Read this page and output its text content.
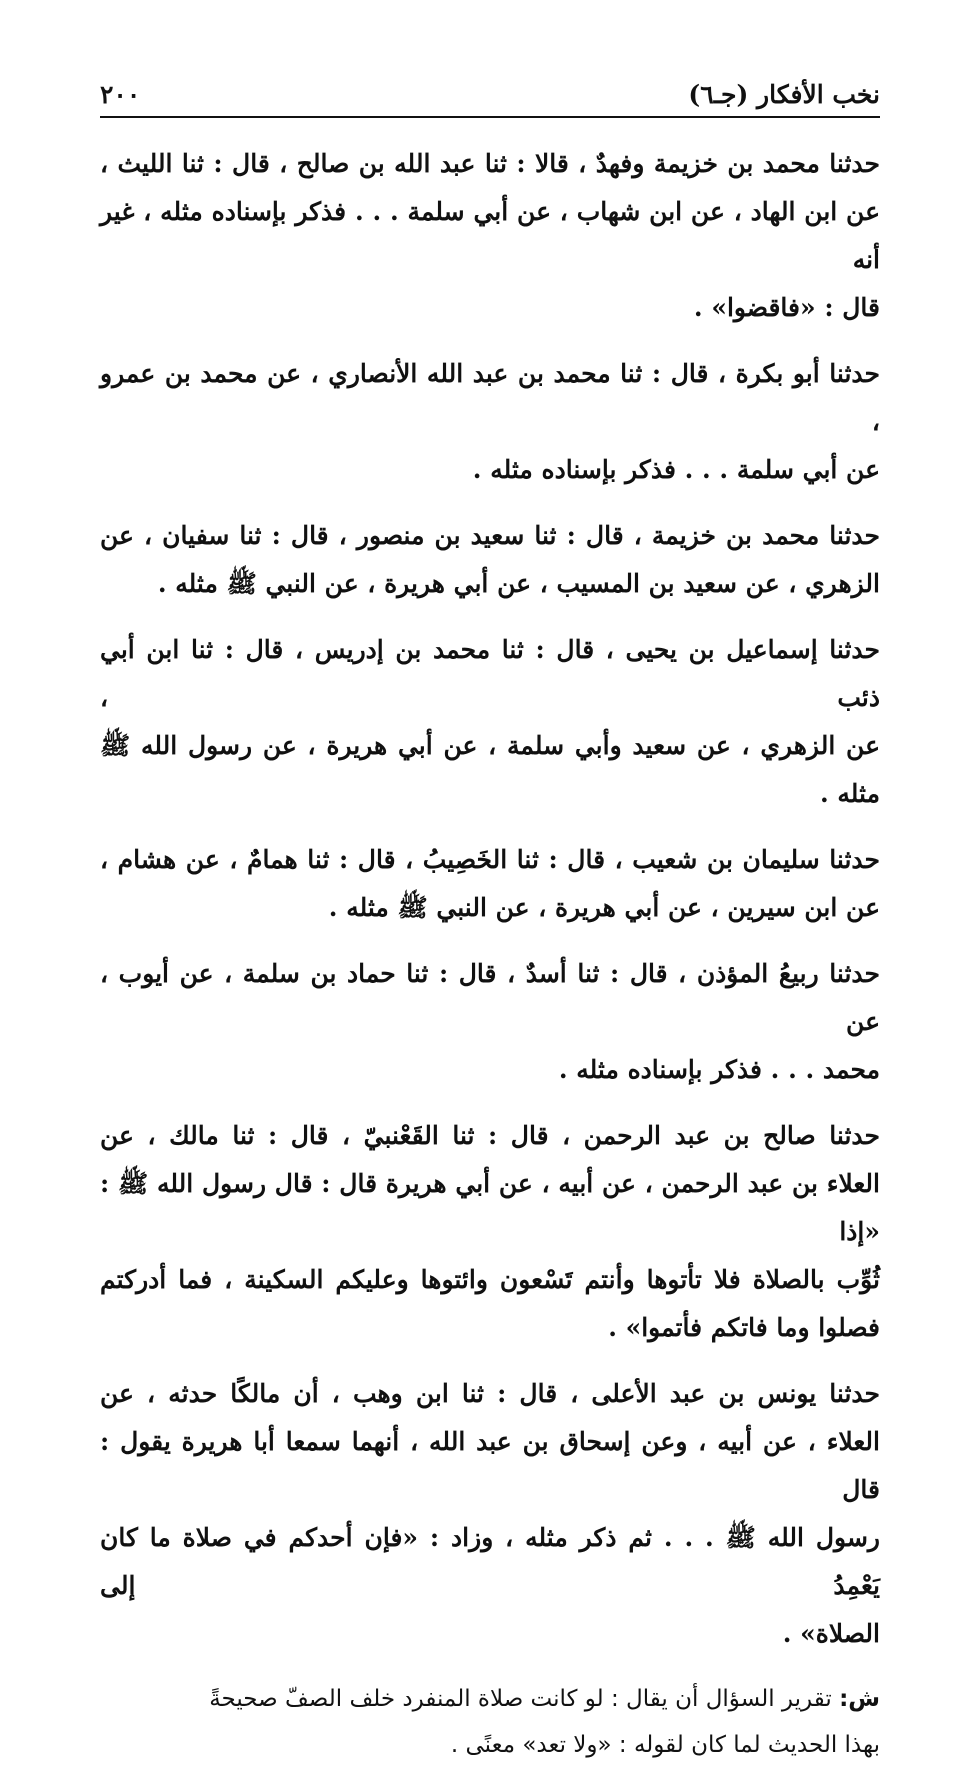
نخب الأفكار (جـ٦)
٢٠٠
حدثنا محمد بن خزيمة وفهدٌ ، قالا : ثنا عبد الله بن صالح ، قال : ثنا الليث ،
عن ابن الهاد ، عن ابن شهاب ، عن أبي سلمة . . . فذكر بإسناده مثله ، غير أنه
قال : «فاقضوا» .
حدثنا أبو بكرة ، قال : ثنا محمد بن عبد الله الأنصاري ، عن محمد بن عمرو ،
عن أبي سلمة . . . فذكر بإسناده مثله .
حدثنا محمد بن خزيمة ، قال : ثنا سعيد بن منصور ، قال : ثنا سفيان ، عن
الزهري ، عن سعيد بن المسيب ، عن أبي هريرة ، عن النبي ﷺ مثله .
حدثنا إسماعيل بن يحيى ، قال : ثنا محمد بن إدريس ، قال : ثنا ابن أبي ذئب ،
عن الزهري ، عن سعيد وأبي سلمة ، عن أبي هريرة ، عن رسول الله ﷺ مثله .
حدثنا سليمان بن شعيب ، قال : ثنا الخَصِيبُ ، قال : ثنا همامٌ ، عن هشام ،
عن ابن سيرين ، عن أبي هريرة ، عن النبي ﷺ مثله .
حدثنا ربيعُ المؤذن ، قال : ثنا أسدٌ ، قال : ثنا حماد بن سلمة ، عن أيوب ، عن
محمد . . . فذكر بإسناده مثله .
حدثنا صالح بن عبد الرحمن ، قال : ثنا القَعْنبيّ ، قال : ثنا مالك ، عن
العلاء بن عبد الرحمن ، عن أبيه ، عن أبي هريرة قال : قال رسول الله ﷺ : «إذا
ثُوِّب بالصلاة فلا تأتوها وأنتم تَسْعون وائتوها وعليكم السكينة ، فما أدركتم
فصلوا وما فاتكم فأتموا» .
حدثنا يونس بن عبد الأعلى ، قال : ثنا ابن وهب ، أن مالكًا حدثه ، عن
العلاء ، عن أبيه ، وعن إسحاق بن عبد الله ، أنهما سمعا أبا هريرة يقول : قال
رسول الله ﷺ . . . ثم ذكر مثله ، وزاد : «فإن أحدكم في صلاة ما كان يَعْمِدُ إلى
الصلاة» .
ش: تقرير السؤال أن يقال : لو كانت صلاة المنفرد خلف الصفّ صحيحةً
بهذا الحديث لما كان لقوله : «ولا تعد» معنًى .
